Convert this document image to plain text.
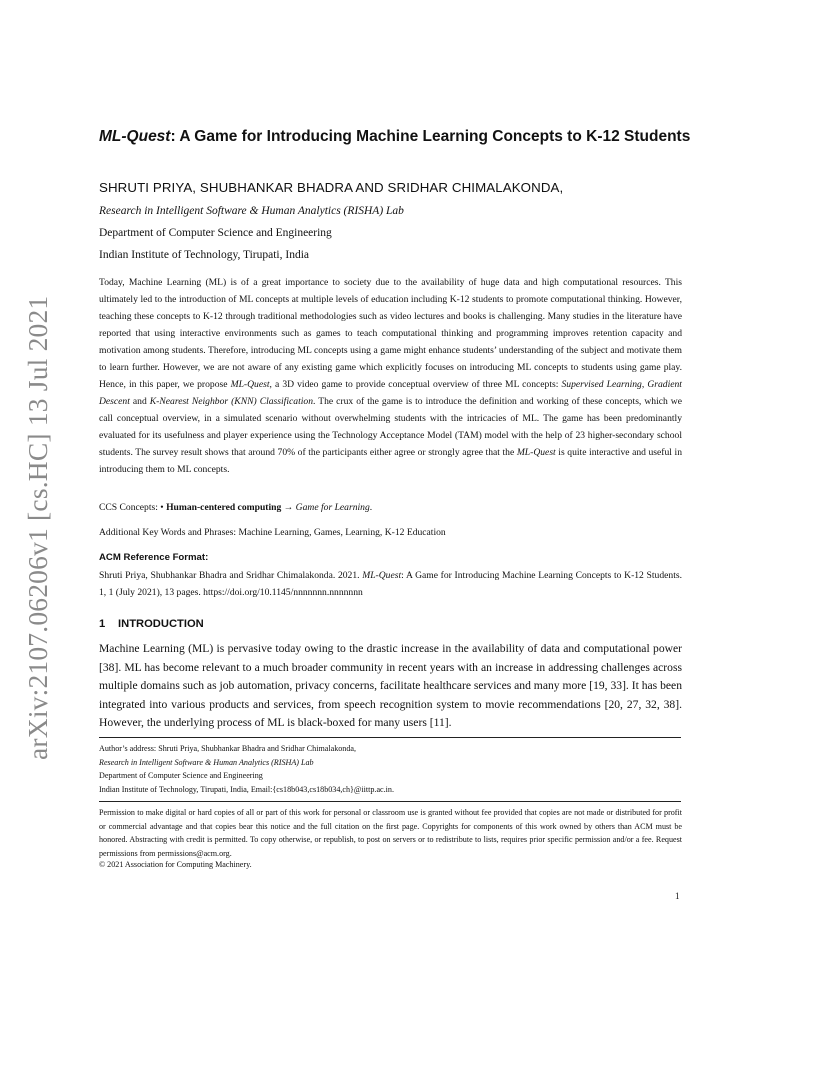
arXiv:2107.06206v1 [cs.HC] 13 Jul 2021
ML-Quest: A Game for Introducing Machine Learning Concepts to K-12 Students
SHRUTI PRIYA, SHUBHANKAR BHADRA AND SRIDHAR CHIMALAKONDA,
Research in Intelligent Software & Human Analytics (RISHA) Lab
Department of Computer Science and Engineering
Indian Institute of Technology, Tirupati, India
Today, Machine Learning (ML) is of a great importance to society due to the availability of huge data and high computational resources. This ultimately led to the introduction of ML concepts at multiple levels of education including K-12 students to promote computational thinking. However, teaching these concepts to K-12 through traditional methodologies such as video lectures and books is challenging. Many studies in the literature have reported that using interactive environments such as games to teach computational thinking and programming improves retention capacity and motivation among students. Therefore, introducing ML concepts using a game might enhance students’ understanding of the subject and motivate them to learn further. However, we are not aware of any existing game which explicitly focuses on introducing ML concepts to students using game play. Hence, in this paper, we propose ML-Quest, a 3D video game to provide conceptual overview of three ML concepts: Supervised Learning, Gradient Descent and K-Nearest Neighbor (KNN) Classification. The crux of the game is to introduce the definition and working of these concepts, which we call conceptual overview, in a simulated scenario without overwhelming students with the intricacies of ML. The game has been predominantly evaluated for its usefulness and player experience using the Technology Acceptance Model (TAM) model with the help of 23 higher-secondary school students. The survey result shows that around 70% of the participants either agree or strongly agree that the ML-Quest is quite interactive and useful in introducing them to ML concepts.
CCS Concepts: • Human-centered computing → Game for Learning.
Additional Key Words and Phrases: Machine Learning, Games, Learning, K-12 Education
ACM Reference Format:
Shruti Priya, Shubhankar Bhadra and Sridhar Chimalakonda. 2021. ML-Quest: A Game for Introducing Machine Learning Concepts to K-12 Students. 1, 1 (July 2021), 13 pages. https://doi.org/10.1145/nnnnnnn.nnnnnnn
1 INTRODUCTION
Machine Learning (ML) is pervasive today owing to the drastic increase in the availability of data and computational power [38]. ML has become relevant to a much broader community in recent years with an increase in addressing challenges across multiple domains such as job automation, privacy concerns, facilitate healthcare services and many more [19, 33]. It has been integrated into various products and services, from speech recognition system to movie recommendations [20, 27, 32, 38]. However, the underlying process of ML is black-boxed for many users [11].
Author’s address: Shruti Priya, Shubhankar Bhadra and Sridhar Chimalakonda,
Research in Intelligent Software & Human Analytics (RISHA) Lab
Department of Computer Science and Engineering
Indian Institute of Technology, Tirupati, India, Email:{cs18b043,cs18b034,ch}@iittp.ac.in.
Permission to make digital or hard copies of all or part of this work for personal or classroom use is granted without fee provided that copies are not made or distributed for profit or commercial advantage and that copies bear this notice and the full citation on the first page. Copyrights for components of this work owned by others than ACM must be honored. Abstracting with credit is permitted. To copy otherwise, or republish, to post on servers or to redistribute to lists, requires prior specific permission and/or a fee. Request permissions from permissions@acm.org.
© 2021 Association for Computing Machinery.
1
